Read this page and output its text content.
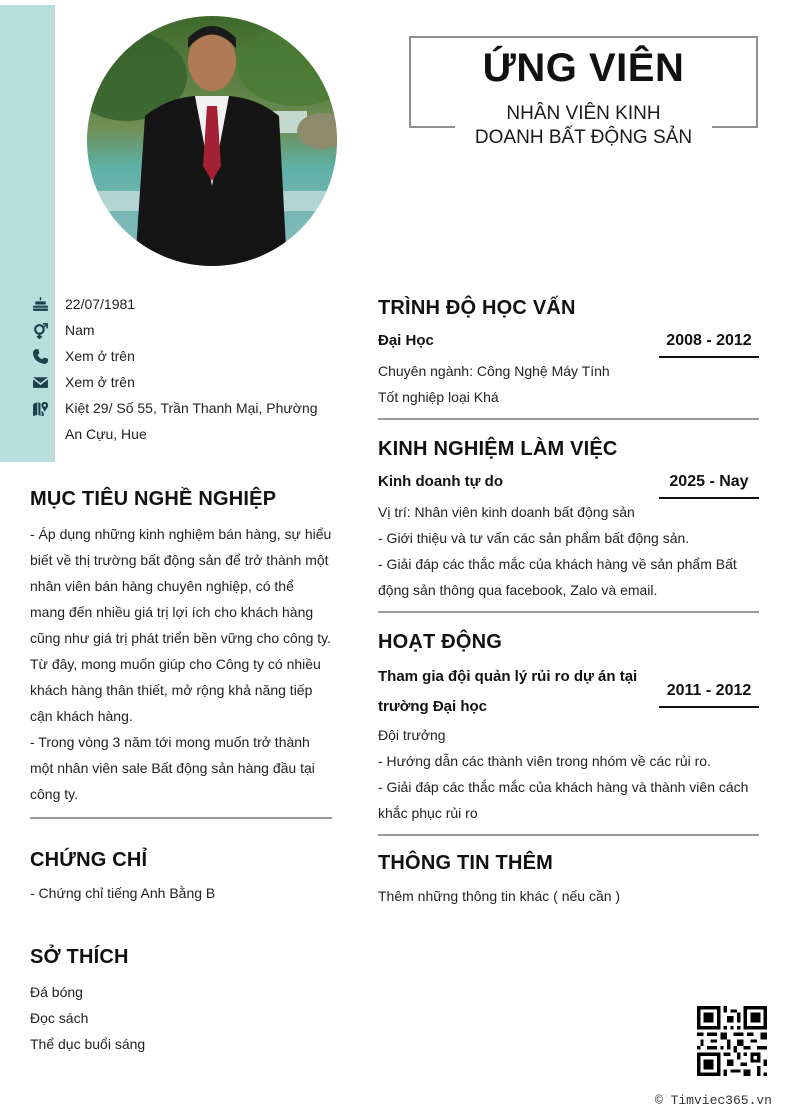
ỨNG VIÊN
NHÂN VIÊN KINH
DOANH BẤT ĐỘNG SẢN
22/07/1981
Nam
Xem ở trên
Xem ở trên
Kiệt 29/ Số 55, Trần Thanh Mại, Phường An Cựu, Hue
MỤC TIÊU NGHỀ NGHIỆP
- Áp dụng những kinh nghiệm bán hàng, sự hiểu biết về thị trường bất động sản để trở thành một nhân viên bán hàng chuyên nghiệp, có thể mang đến nhiều giá trị lợi ích cho khách hàng cũng như giá trị phát triển bền vững cho công ty. Từ đây, mong muốn giúp cho Công ty có nhiều khách hàng thân thiết, mở rộng khả năng tiếp cận khách hàng.
- Trong vòng 3 năm tới mong muốn trở thành một nhân viên sale Bất động sản hàng đầu tại công ty.
CHỨNG CHỈ
- Chứng chỉ tiếng Anh Bằng B
SỞ THÍCH
Đá bóng
Đọc sách
Thể dục buổi sáng
TRÌNH ĐỘ HỌC VẤN
Đại Học	2008 - 2012
Chuyên ngành: Công Nghệ Máy Tính
Tốt nghiệp loại Khá
KINH NGHIỆM LÀM VIỆC
Kinh doanh tự do	2025 - Nay
Vị trí: Nhân viên kinh doanh bất động sản
- Giới thiệu và tư vấn các sản phẩm bất động sản.
- Giải đáp các thắc mắc của khách hàng về sản phẩm Bất động sản thông qua facebook, Zalo và email.
HOẠT ĐỘNG
Tham gia đội quản lý rủi ro dự án tại trường Đại học
2011 - 2012
Đội trưởng
- Hướng dẫn các thành viên trong nhóm về các rủi ro.
- Giải đáp các thắc mắc của khách hàng và thành viên cách khắc phục rủi ro
THÔNG TIN THÊM
Thêm những thông tin khác ( nếu cần )
© Timviec365.vn
